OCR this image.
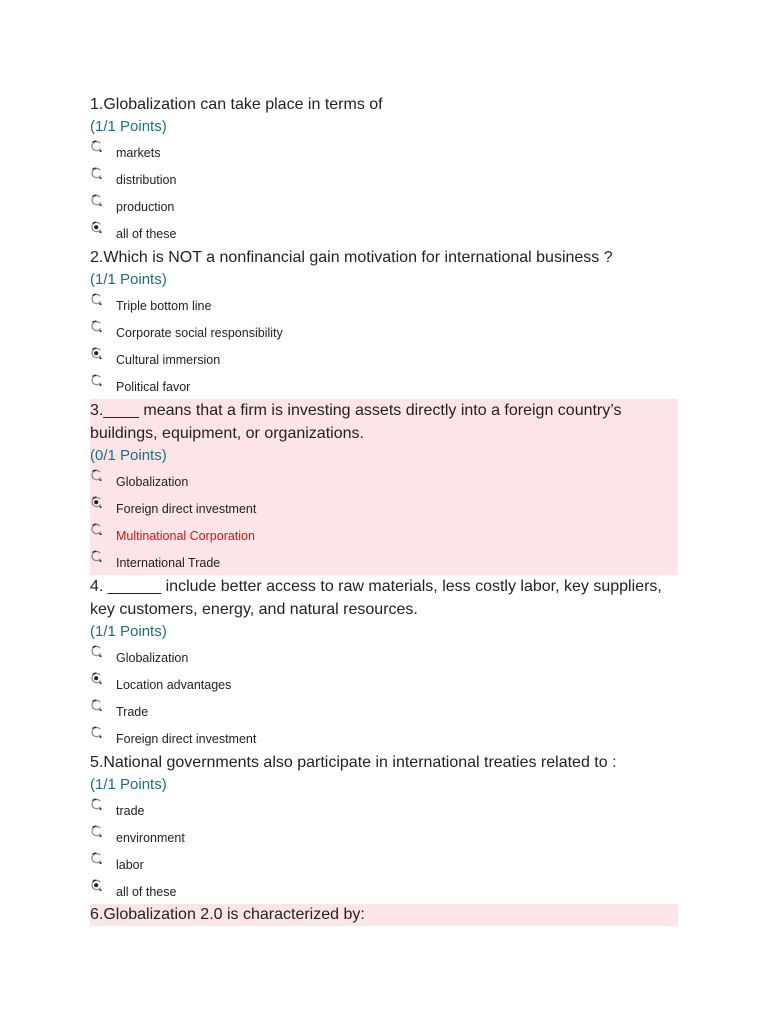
1.Globalization can take place in terms of

(1/1 Points)

markets
distribution
production
all of these

2.Which is NOT a nonfinancial gain motivation for international business ?

(1/1 Points)

Triple bottom line
Corporate social responsibility
Cultural immersion
Political favor

3.____ means that a firm is investing assets directly into a foreign country’s buildings, equipment, or organizations.

(0/1 Points)

Globalization
Foreign direct investment
Multinational Corporation
International Trade

4. ______ include better access to raw materials, less costly labor, key suppliers, key customers, energy, and natural resources.

(1/1 Points)

Globalization
Location advantages
Trade
Foreign direct investment

5.National governments also participate in international treaties related to :

(1/1 Points)

trade
environment
labor
all of these

6.Globalization 2.0 is characterized by:
